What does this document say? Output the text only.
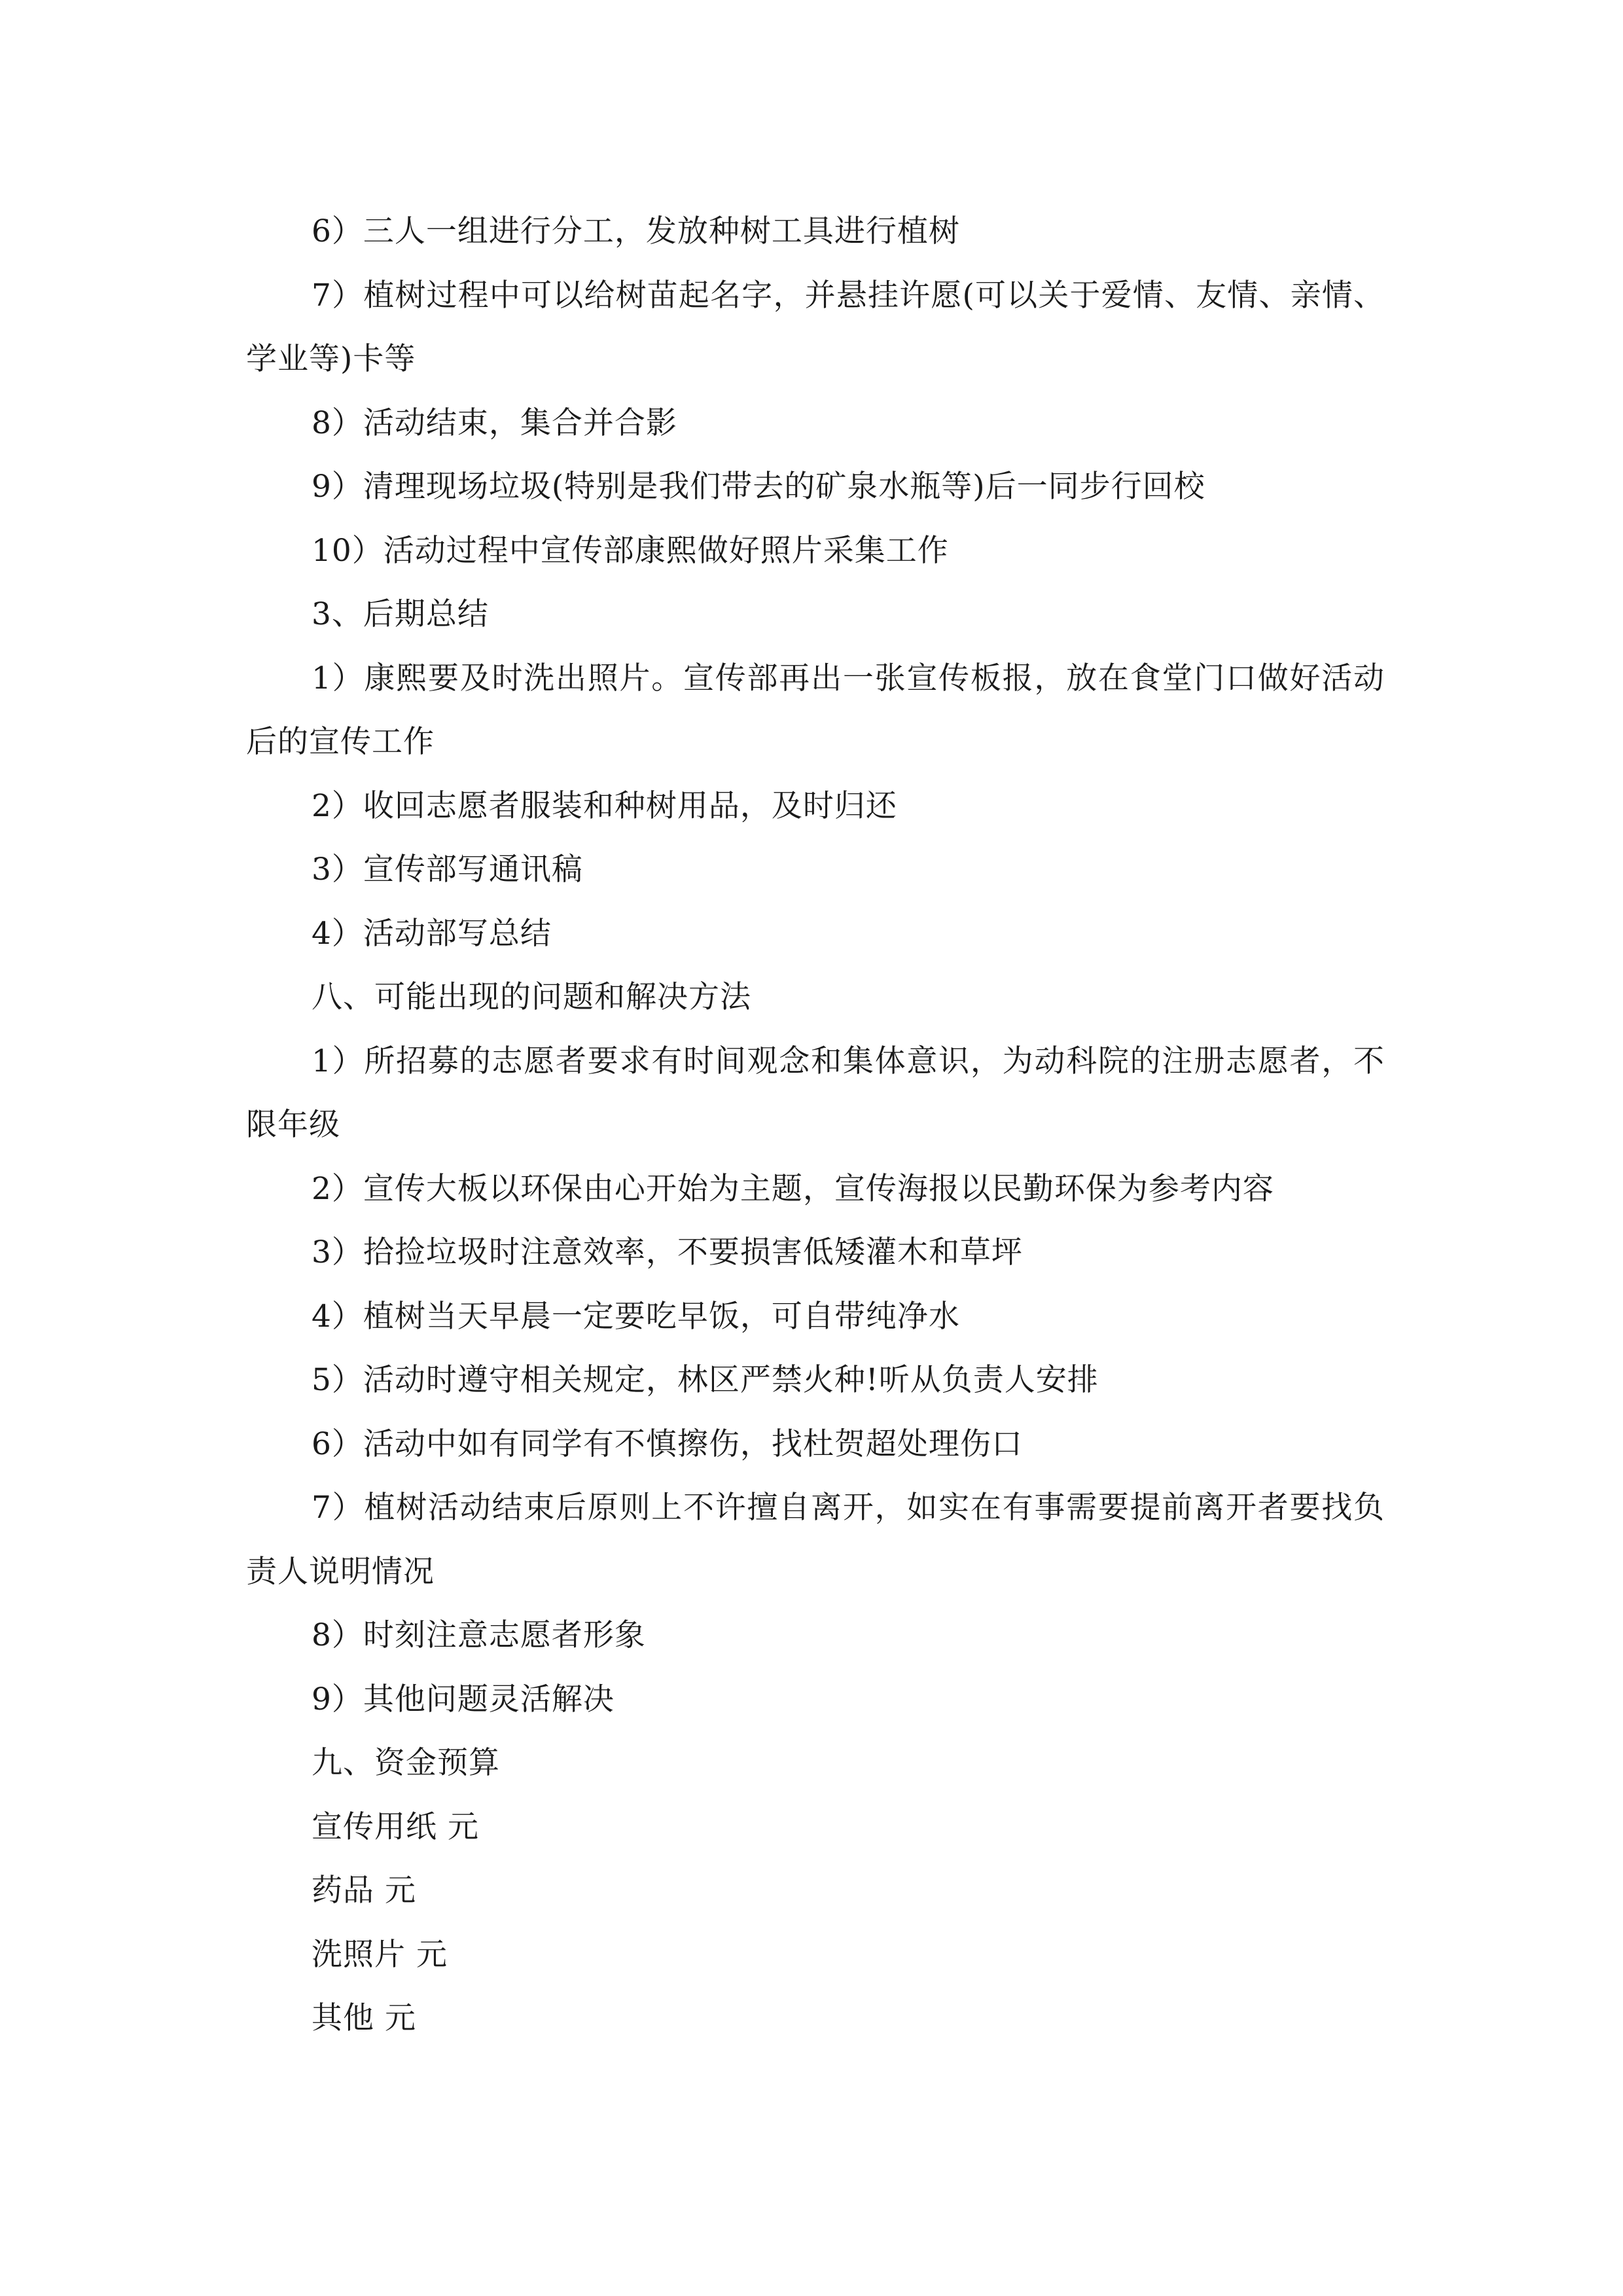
6）三人一组进行分工，发放种树工具进行植树

7）植树过程中可以给树苗起名字，并悬挂许愿(可以关于爱情、友情、亲情、学业等)卡等

8）活动结束，集合并合影

9）清理现场垃圾(特别是我们带去的矿泉水瓶等)后一同步行回校

10）活动过程中宣传部康熙做好照片采集工作

3、后期总结

1）康熙要及时洗出照片。宣传部再出一张宣传板报，放在食堂门口做好活动后的宣传工作

2）收回志愿者服装和种树用品，及时归还

3）宣传部写通讯稿

4）活动部写总结

八、可能出现的问题和解决方法

1）所招募的志愿者要求有时间观念和集体意识，为动科院的注册志愿者，不限年级

2）宣传大板以环保由心开始为主题，宣传海报以民勤环保为参考内容

3）拾捡垃圾时注意效率，不要损害低矮灌木和草坪

4）植树当天早晨一定要吃早饭，可自带纯净水

5）活动时遵守相关规定，林区严禁火种!听从负责人安排

6）活动中如有同学有不慎擦伤，找杜贺超处理伤口

7）植树活动结束后原则上不许擅自离开，如实在有事需要提前离开者要找负责人说明情况

8）时刻注意志愿者形象

9）其他问题灵活解决

九、资金预算

宣传用纸 元

药品 元

洗照片 元

其他 元
